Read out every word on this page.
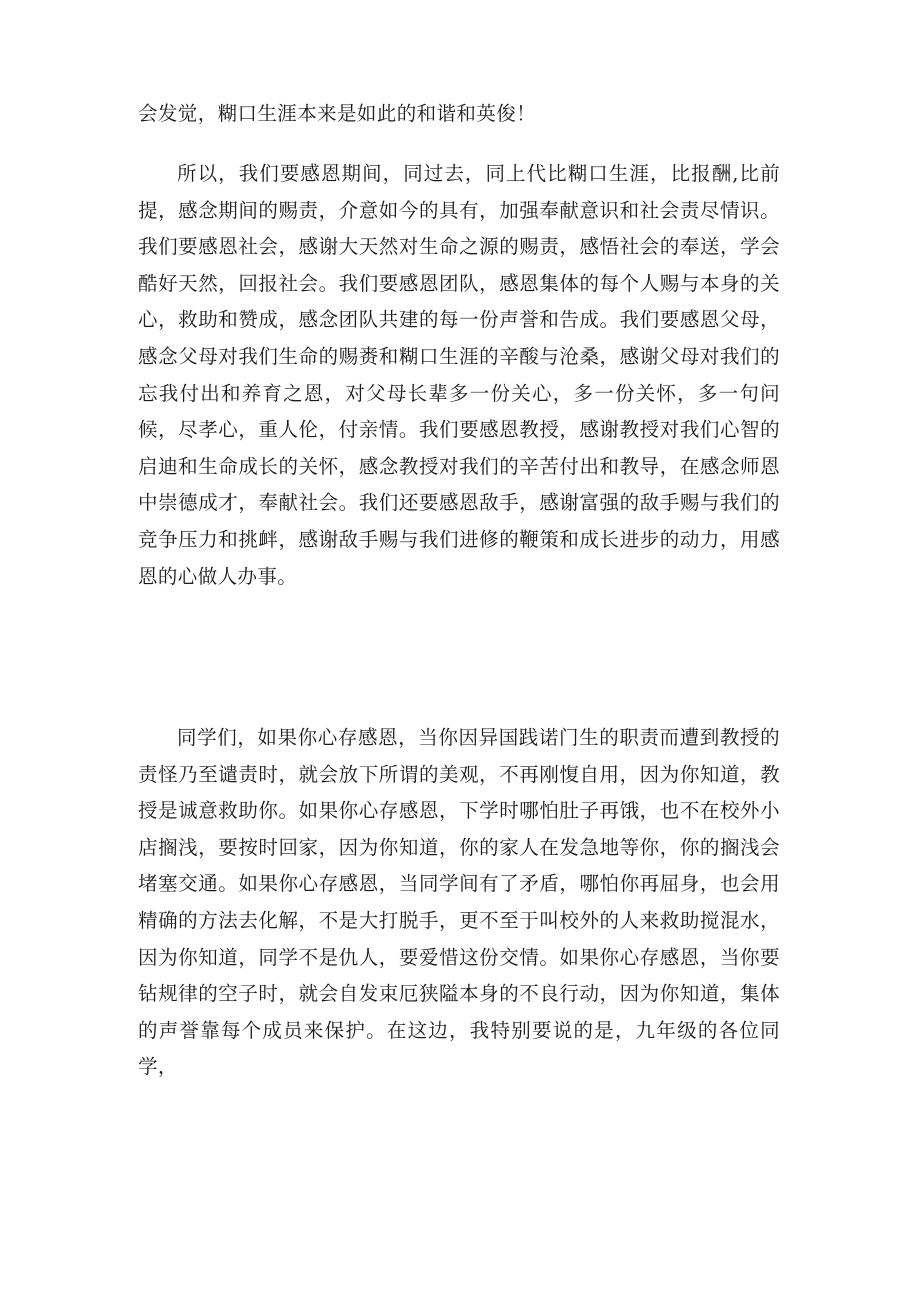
会发觉，糊口生涯本来是如此的和谐和英俊！

所以，我们要感恩期间，同过去，同上代比糊口生涯，比报酬,比前提，感念期间的赐责，介意如今的具有，加强奉献意识和社会责尽情识。我们要感恩社会，感谢大天然对生命之源的赐责，感悟社会的奉送，学会酷好天然，回报社会。我们要感恩团队，感恩集体的每个人赐与本身的关心，救助和赞成，感念团队共建的每一份声誉和告成。我们要感恩父母，感念父母对我们生命的赐赉和糊口生涯的辛酸与沧桑，感谢父母对我们的忘我付出和养育之恩，对父母长辈多一份关心，多一份关怀，多一句问候，尽孝心，重人伦，付亲情。我们要感恩教授，感谢教授对我们心智的启迪和生命成长的关怀，感念教授对我们的辛苦付出和教导，在感念师恩中崇德成才，奉献社会。我们还要感恩敌手，感谢富强的敌手赐与我们的竞争压力和挑衅，感谢敌手赐与我们进修的鞭策和成长进步的动力，用感恩的心做人办事。

同学们，如果你心存感恩，当你因异国践诺门生的职责而遭到教授的责怪乃至谴责时，就会放下所谓的美观，不再刚愎自用，因为你知道，教授是诚意救助你。如果你心存感恩，下学时哪怕肚子再饿，也不在校外小店搁浅，要按时回家，因为你知道，你的家人在发急地等你，你的搁浅会堵塞交通。如果你心存感恩，当同学间有了矛盾，哪怕你再屈身，也会用精确的方法去化解，不是大打脱手，更不至于叫校外的人来救助搅混水，因为你知道，同学不是仇人，要爱惜这份交情。如果你心存感恩，当你要钻规律的空子时，就会自发束厄狭隘本身的不良行动，因为你知道，集体的声誉靠每个成员来保护。在这边，我特别要说的是，九年级的各位同学，
